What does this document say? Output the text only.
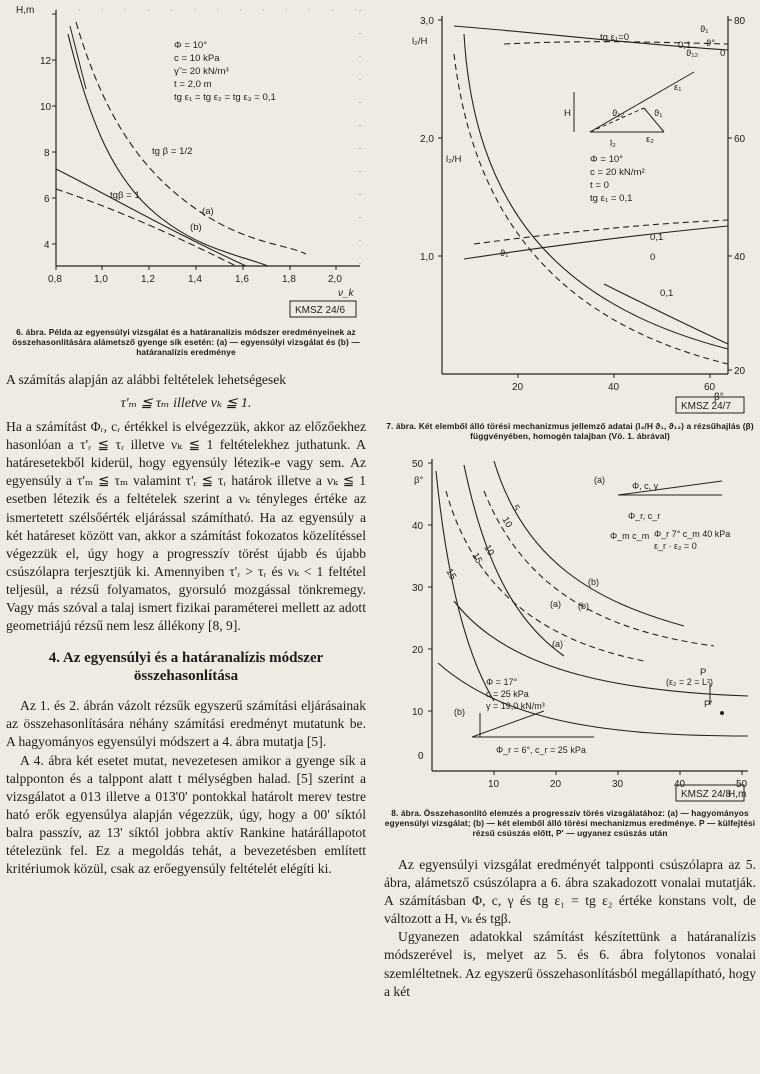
H,m
12
10
8
6
4
0,8	1,0	1,2	1,4	1,6	1,8	2,0
ν_k
Φ = 10°
c = 10 kPa
γ̃ = 20 kN/m³
t = 2,0 m
tg ε₁ = tg ε₂ = tg ε₃ = 0,1
tg β = 1/2
tgβ = 1
(a)
(b)
KMSZ 24/6

6. ábra. Példa az egyensúlyi vizsgálat és a határanalízis módszer eredményeinek az összehasonlítására alámetsző gyenge sík esetén: (a) — egyensúlyi vizsgálat és (b) — határanalízis eredménye

A számítás alapján az alábbi feltételek lehetségesek

τ'ₘ ≦ τₘ illetve νₖ ≦ 1.

Ha a számítást Φᵣ, cᵣ értékkel is elvégezzük, akkor az előzőekhez hasonlóan a τ'ᵣ ≦ τᵣ illetve νₖ ≦ 1 feltételekhez juthatunk. A határesetekből kiderül, hogy egyensúly létezik-e vagy sem. Az egyensúly a τ'ₘ ≦ τₘ valamint τ'ᵣ ≦ τᵣ határok illetve a νₖ ≦ 1 esetben létezik és a feltételek szerint a νₖ tényleges értéke az ismertetett szélsőérték eljárással számítható. Ha az egyensúly a két határeset között van, akkor a számítást fokozatos közelítéssel végezzük el, úgy hogy a progresszív törést újabb és újabb csúszólapra terjesztjük ki. Amennyiben τ'ᵣ > τᵣ és νₖ < 1 feltétel teljesül, a rézsű folyamatos, gyorsuló mozgással tönkremegy. Vagy más szóval a talaj ismert fizikai paraméterei mellett az adott geometriájú rézsű nem lesz állékony [8, 9].

4. Az egyensúlyi és a határanalízis módszer összehasonlítása

Az 1. és 2. ábrán vázolt rézsűk egyszerű számítási eljárásainak az összehasonlítására néhány számítási eredményt mutatunk be. A hagyományos egyensúlyi módszert a 4. ábra mutatja [5].

A 4. ábra két esetet mutat, nevezetesen amikor a gyenge sík a talpponton és a talppont alatt t mélységben halad. [5] szerint a vizsgálatot a 013 illetve a 013'0' pontokkal határolt merev testre ható erők egyensúlya alapján végezzük, úgy, hogy a 00' síktól balra passzív, az 13' síktól jobbra aktív Rankine határállapotot tételezünk fel. Ez a megoldás tehát, a bevezetésben említett kritériumok közül, csak az erőegyensúly feltételét elégíti ki.

3,0
2,0
1,0
l₂/H
80
60
40
20
ϑ₁
ϑ°
20	40	60
β°
tg ε₁=0
0,1
0
0,1
0
0,1
l₂/H
ϑ₁
ϑ₁₂
H
l₂
ε₁
ε₂
ϑ₁₂	ϑ₁
Φ = 10°
c = 20 kN/m²
t = 0
tg ε₁ = 0,1
KMSZ 24/7

7. ábra. Két elemből álló törési mechanizmus jellemző adatai (l₂/H ϑ₁, ϑ₁₂) a rézsűhajlás (β) függvényében, homogén talajban (Vö. 1. ábrával)

50
β°
40
30
20
10
0
10	20	30	40	50
H,m
15
10
5
15
10
(a)
(a)
(a)
(b)
(b)
(b)
Φ_m c_m
Φ, c, γ
Φ_r, c_r
Φ_r 7° c_m 40 kPa
ε_r · ε₂ = 0
P
P'
(ε₂ = 2 = L²)
Φ = 17°
c = 25 kPa
γ = 19,0 kN/m³
Φ_r = 6°, c_r = 25 kPa
KMSZ 24/8

8. ábra. Összehasonlító elemzés a progresszív törés vizsgálatához: (a) — hagyományos egyensúlyi vizsgálat; (b) — két elemből álló törési mechanizmus eredménye. P — külfejtési rézsű csúszás előtt, P' — ugyanez csúszás után

Az egyensúlyi vizsgálat eredményét talpponti csúszólapra az 5. ábra, alámetsző csúszólapra a 6. ábra szakadozott vonalai mutatják. A számításban Φ, c, γ és tg ε₁ = tg ε₂ értéke konstans volt, de változott a H, νₖ és tgβ.

Ugyanezen adatokkal számítást készítettünk a határanalízis módszerével is, melyet az 5. és 6. ábra folytonos vonalai szemléltetnek. Az egyszerű összehasonlításból megállapítható, hogy a két
